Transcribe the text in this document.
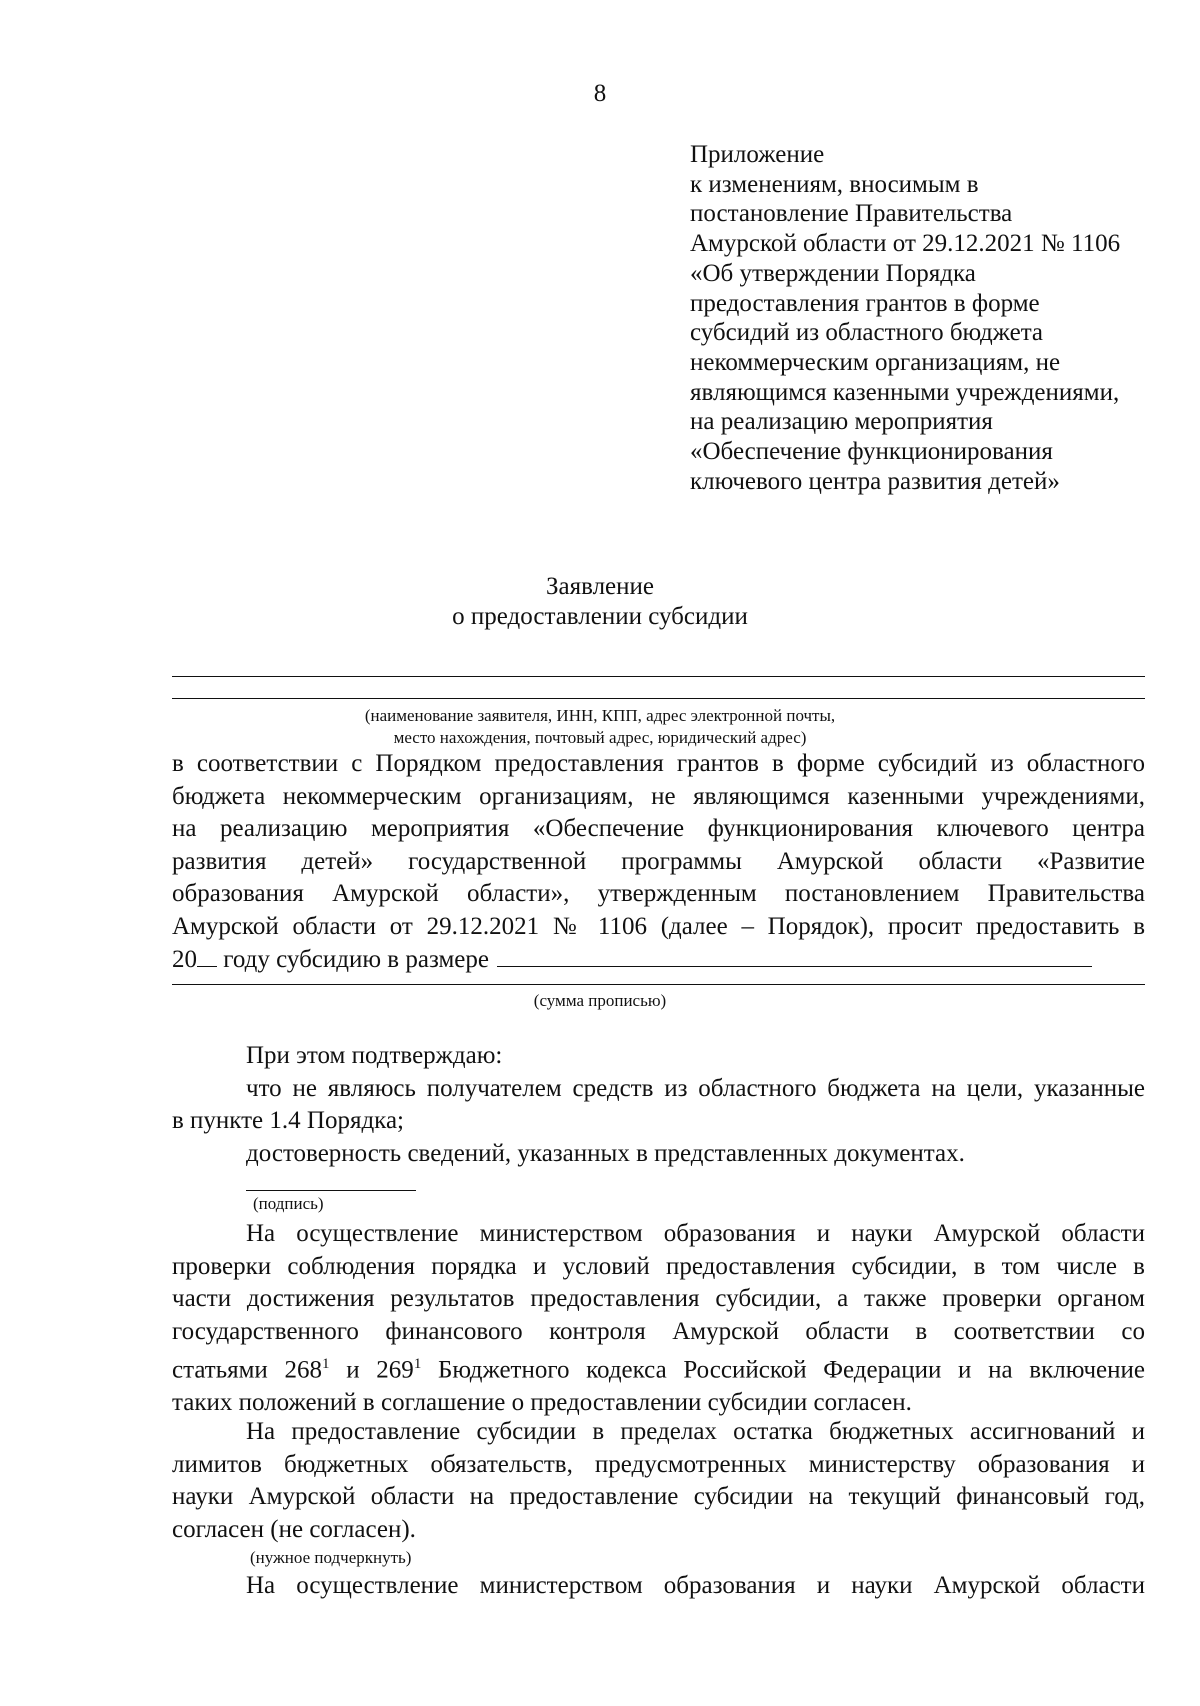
8
Приложение
к изменениям, вносимым в
постановление Правительства
Амурской области от 29.12.2021 № 1106
«Об утверждении Порядка
предоставления грантов в форме
субсидий из областного бюджета
некоммерческим организациям, не
являющимся казенными учреждениями,
на реализацию мероприятия
«Обеспечение функционирования
ключевого центра развития детей»
Заявление
о предоставлении субсидии
(наименование заявителя, ИНН, КПП, адрес электронной почты,
место нахождения, почтовый адрес, юридический адрес)
в соответствии с Порядком предоставления грантов в форме субсидий из областного
бюджета некоммерческим организациям, не являющимся казенными учреждениями,
на реализацию мероприятия «Обеспечение функционирования ключевого центра
развития детей» государственной программы Амурской области «Развитие
образования Амурской области», утвержденным постановлением Правительства
Амурской области от 29.12.2021 № 1106 (далее – Порядок), просит предоставить в
20 году субсидию в размере
(сумма прописью)
При этом подтверждаю:
что не являюсь получателем средств из областного бюджета на цели, указанные
в пункте 1.4 Порядка;
достоверность сведений, указанных в представленных документах.
(подпись)
На осуществление министерством образования и науки Амурской области
проверки соблюдения порядка и условий предоставления субсидии, в том числе в
части достижения результатов предоставления субсидии, а также проверки органом
государственного финансового контроля Амурской области в соответствии со
статьями $268^1$ и $269^1$ Бюджетного кодекса Российской Федерации и на включение
таких положений в соглашение о предоставлении субсидии согласен.
На предоставление субсидии в пределах остатка бюджетных ассигнований и
лимитов бюджетных обязательств, предусмотренных министерству образования и
науки Амурской области на предоставление субсидии на текущий финансовый год,
согласен (не согласен).
(нужное подчеркнуть)
На осуществление министерством образования и науки Амурской области
